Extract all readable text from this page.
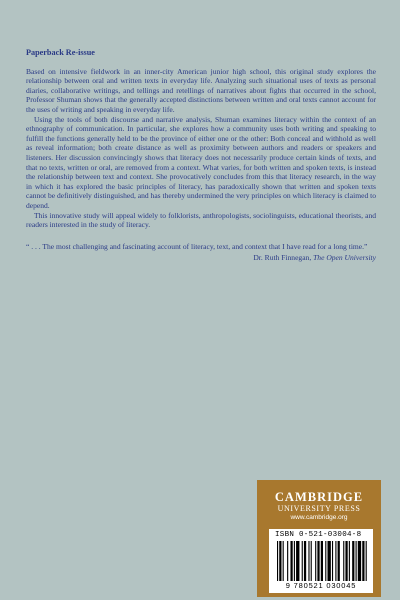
Paperback Re-issue

Based on intensive fieldwork in an inner-city American junior high school, this original study explores the relationship between oral and written texts in everyday life. Analyzing such situational uses of texts as personal diaries, collaborative writings, and tellings and retellings of narratives about fights that occurred in the school, Professor Shuman shows that the generally accepted distinctions between written and oral texts cannot account for the uses of writing and speaking in everyday life.

Using the tools of both discourse and narrative analysis, Shuman examines literacy within the context of an ethnography of communication. In particular, she explores how a community uses both writing and speaking to fulfill the functions generally held to be the province of either one or the other: Both conceal and withhold as well as reveal information; both create distance as well as proximity between authors and readers or speakers and listeners. Her discussion convincingly shows that literacy does not necessarily produce certain kinds of texts, and that no texts, written or oral, are removed from a context. What varies, for both written and spoken texts, is instead the relationship between text and context. She provocatively concludes from this that literacy research, in the way in which it has explored the basic principles of literacy, has paradoxically shown that written and spoken texts cannot be definitively distinguished, and has thereby undermined the very principles on which literacy is claimed to depend.

This innovative study will appeal widely to folklorists, anthropologists, sociolinguists, educational theorists, and readers interested in the study of literacy.

“ . . . The most challenging and fascinating account of literacy, text, and context that I have read for a long time.”

Dr. Ruth Finnegan, The Open University

CAMBRIDGE
UNIVERSITY PRESS
www.cambridge.org
ISBN 0-521-03004-8
9 780521 030045
